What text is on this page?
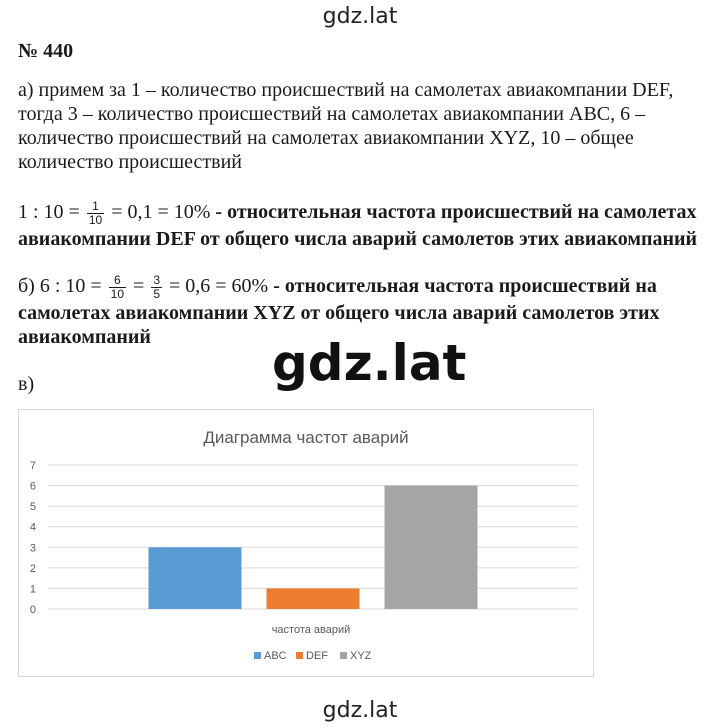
gdz.lat
№ 440
а) примем за 1 – количество происшествий на самолетах авиакомпании DEF, тогда 3 – количество происшествий на самолетах авиакомпании ABC, 6 – количество происшествий на самолетах авиакомпании XYZ, 10 – общее количество происшествий
1 : $10 = \frac{1}{10} = 0,1 = 10\%$ - относительная частота происшествий на самолетах авиакомпании DEF от общего числа аварий самолетов этих авиакомпаний
б) 6 : $10 = \frac{6}{10} = \frac{3}{5} = 0,6 = 60\%$ - относительная частота происшествий на самолетах авиакомпании XYZ от общего числа аварий самолетов этих авиакомпаний	gdz.lat
в)
Диаграмма частот аварий
0
1
2
3
4
5
6
7
частота аварий
ABC DEF XYZ
gdz.lat
